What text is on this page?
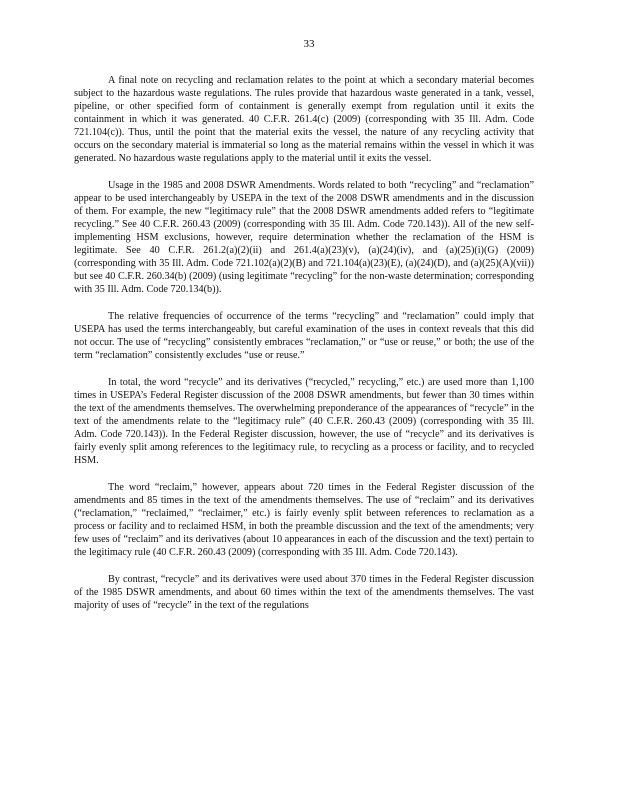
33

A final note on recycling and reclamation relates to the point at which a secondary material becomes subject to the hazardous waste regulations. The rules provide that hazardous waste generated in a tank, vessel, pipeline, or other specified form of containment is generally exempt from regulation until it exits the containment in which it was generated. 40 C.F.R. 261.4(c) (2009) (corresponding with 35 Ill. Adm. Code 721.104(c)). Thus, until the point that the material exits the vessel, the nature of any recycling activity that occurs on the secondary material is immaterial so long as the material remains within the vessel in which it was generated. No hazardous waste regulations apply to the material until it exits the vessel.

Usage in the 1985 and 2008 DSWR Amendments. Words related to both “recycling” and “reclamation” appear to be used interchangeably by USEPA in the text of the 2008 DSWR amendments and in the discussion of them. For example, the new “legitimacy rule” that the 2008 DSWR amendments added refers to “legitimate recycling.” See 40 C.F.R. 260.43 (2009) (corresponding with 35 Ill. Adm. Code 720.143)). All of the new self-implementing HSM exclusions, however, require determination whether the reclamation of the HSM is legitimate. See 40 C.F.R. 261.2(a)(2)(ii) and 261.4(a)(23)(v), (a)(24)(iv), and (a)(25)(i)(G) (2009) (corresponding with 35 Ill. Adm. Code 721.102(a)(2)(B) and 721.104(a)(23)(E), (a)(24)(D), and (a)(25)(A)(vii)) but see 40 C.F.R. 260.34(b) (2009) (using legitimate “recycling” for the non-waste determination; corresponding with 35 Ill. Adm. Code 720.134(b)).

The relative frequencies of occurrence of the terms “recycling” and “reclamation” could imply that USEPA has used the terms interchangeably, but careful examination of the uses in context reveals that this did not occur. The use of “recycling” consistently embraces “reclamation,” or “use or reuse,” or both; the use of the term “reclamation” consistently excludes “use or reuse.”

In total, the word “recycle” and its derivatives (“recycled,” recycling,” etc.) are used more than 1,100 times in USEPA’s Federal Register discussion of the 2008 DSWR amendments, but fewer than 30 times within the text of the amendments themselves. The overwhelming preponderance of the appearances of “recycle” in the text of the amendments relate to the “legitimacy rule” (40 C.F.R. 260.43 (2009) (corresponding with 35 Ill. Adm. Code 720.143)). In the Federal Register discussion, however, the use of “recycle” and its derivatives is fairly evenly split among references to the legitimacy rule, to recycling as a process or facility, and to recycled HSM.

The word “reclaim,” however, appears about 720 times in the Federal Register discussion of the amendments and 85 times in the text of the amendments themselves. The use of “reclaim” and its derivatives (“reclamation,” “reclaimed,” “reclaimer,” etc.) is fairly evenly split between references to reclamation as a process or facility and to reclaimed HSM, in both the preamble discussion and the text of the amendments; very few uses of “reclaim” and its derivatives (about 10 appearances in each of the discussion and the text) pertain to the legitimacy rule (40 C.F.R. 260.43 (2009) (corresponding with 35 Ill. Adm. Code 720.143).

By contrast, “recycle” and its derivatives were used about 370 times in the Federal Register discussion of the 1985 DSWR amendments, and about 60 times within the text of the amendments themselves. The vast majority of uses of “recycle” in the text of the regulations
